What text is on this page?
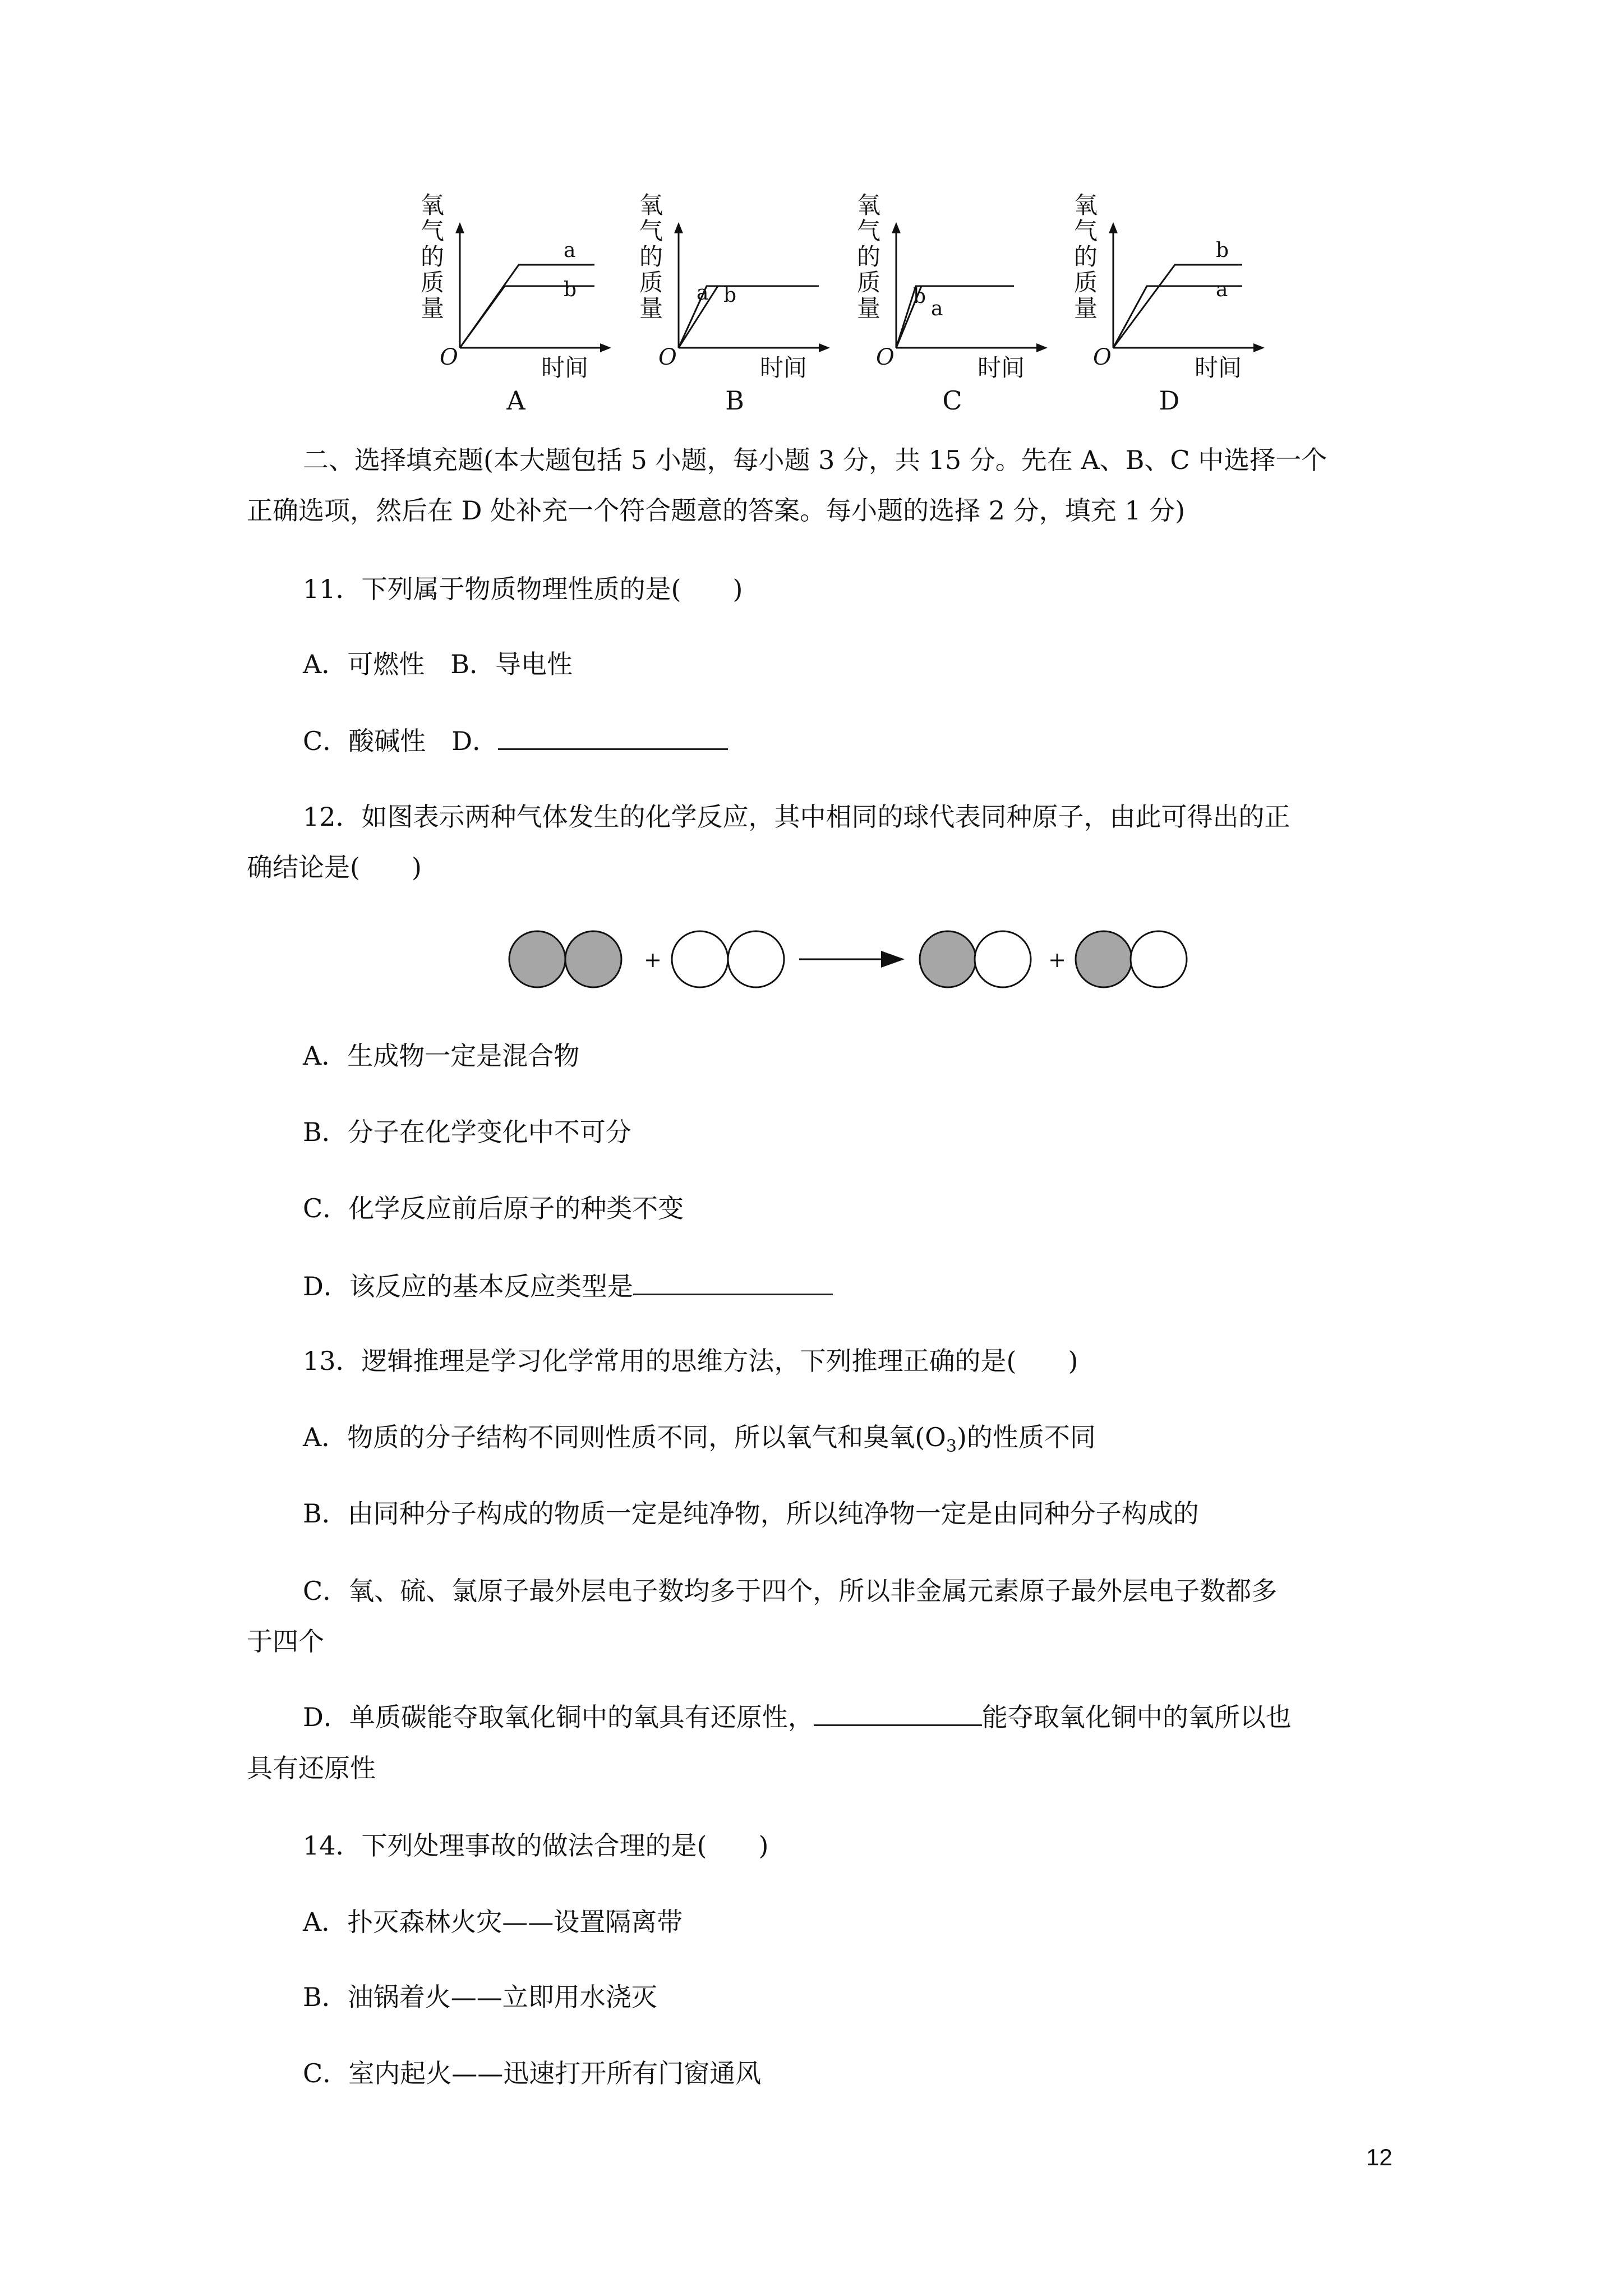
氧
气
的
质
量
O	时间
A
a
b
氧
气
的
质
量
O	时间
B
a b
氧
气
的
质
量
O	时间
C
b
a
氧
气
的
质
量
O	时间
D
b
a
二、选择填充题(本大题包括 5 小题，每小题 3 分，共 15 分。先在 A、B、C 中选择一个
正确选项，然后在 D 处补充一个符合题意的答案。每小题的选择 2 分，填充 1 分)
11．下列属于物质物理性质的是(　　)
A．可燃性　B．导电性
C．酸碱性　D．
12．如图表示两种气体发生的化学反应，其中相同的球代表同种原子，由此可得出的正
确结论是(　　)
+	+
A．生成物一定是混合物
B．分子在化学变化中不可分
C．化学反应前后原子的种类不变
D．该反应的基本反应类型是
13．逻辑推理是学习化学常用的思维方法，下列推理正确的是(　　)
A．物质的分子结构不同则性质不同，所以氧气和臭氧$(O_3)$的性质不同
B．由同种分子构成的物质一定是纯净物，所以纯净物一定是由同种分子构成的
C．氧、硫、氯原子最外层电子数均多于四个，所以非金属元素原子最外层电子数都多
于四个
D．单质碳能夺取氧化铜中的氧具有还原性，	能夺取氧化铜中的氧所以也
具有还原性
14．下列处理事故的做法合理的是(　　)
A．扑灭森林火灾——设置隔离带
B．油锅着火——立即用水浇灭
C．室内起火——迅速打开所有门窗通风
12
